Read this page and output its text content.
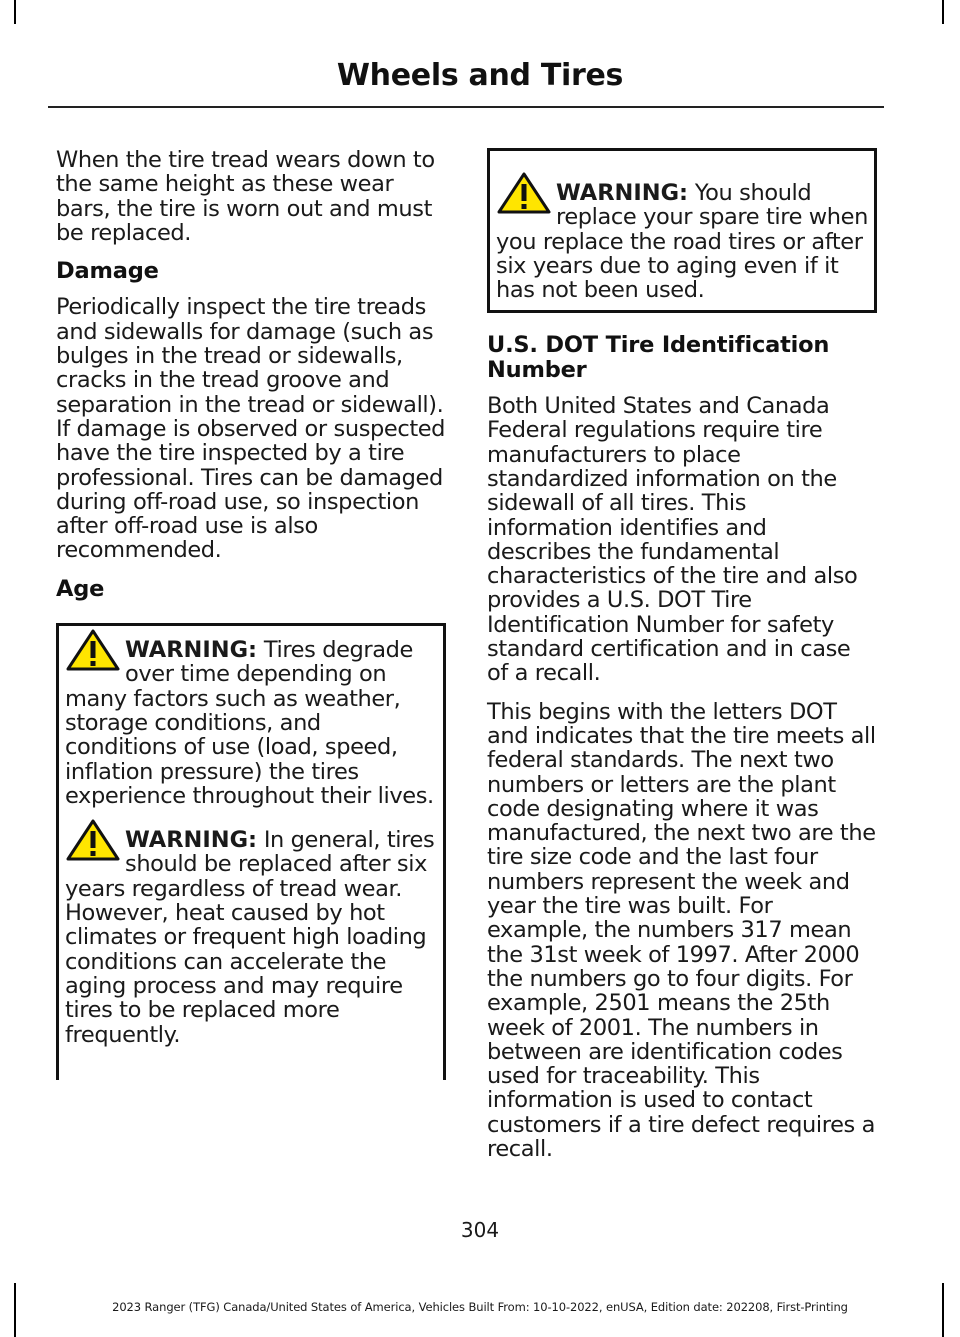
Wheels and Tires

When the tire tread wears down to the same height as these wear bars, the tire is worn out and must be replaced.

Damage

Periodically inspect the tire treads and sidewalls for damage (such as bulges in the tread or sidewalls, cracks in the tread groove and separation in the tread or sidewall). If damage is observed or suspected have the tire inspected by a tire professional. Tires can be damaged during off-road use, so inspection after off-road use is also recommended.

Age

WARNING: Tires degrade over time depending on many factors such as weather, storage conditions, and conditions of use (load, speed, inflation pressure) the tires experience throughout their lives.

WARNING: In general, tires should be replaced after six years regardless of tread wear. However, heat caused by hot climates or frequent high loading conditions can accelerate the aging process and may require tires to be replaced more frequently.

WARNING: You should replace your spare tire when you replace the road tires or after six years due to aging even if it has not been used.

U.S. DOT Tire Identification Number

Both United States and Canada Federal regulations require tire manufacturers to place standardized information on the sidewall of all tires. This information identifies and describes the fundamental characteristics of the tire and also provides a U.S. DOT Tire Identification Number for safety standard certification and in case of a recall.

This begins with the letters DOT and indicates that the tire meets all federal standards. The next two numbers or letters are the plant code designating where it was manufactured, the next two are the tire size code and the last four numbers represent the week and year the tire was built. For example, the numbers 317 mean the 31st week of 1997. After 2000 the numbers go to four digits. For example, 2501 means the 25th week of 2001. The numbers in between are identification codes used for traceability. This information is used to contact customers if a tire defect requires a recall.

304
2023 Ranger (TFG) Canada/United States of America, Vehicles Built From: 10-10-2022, enUSA, Edition date: 202208, First-Printing
